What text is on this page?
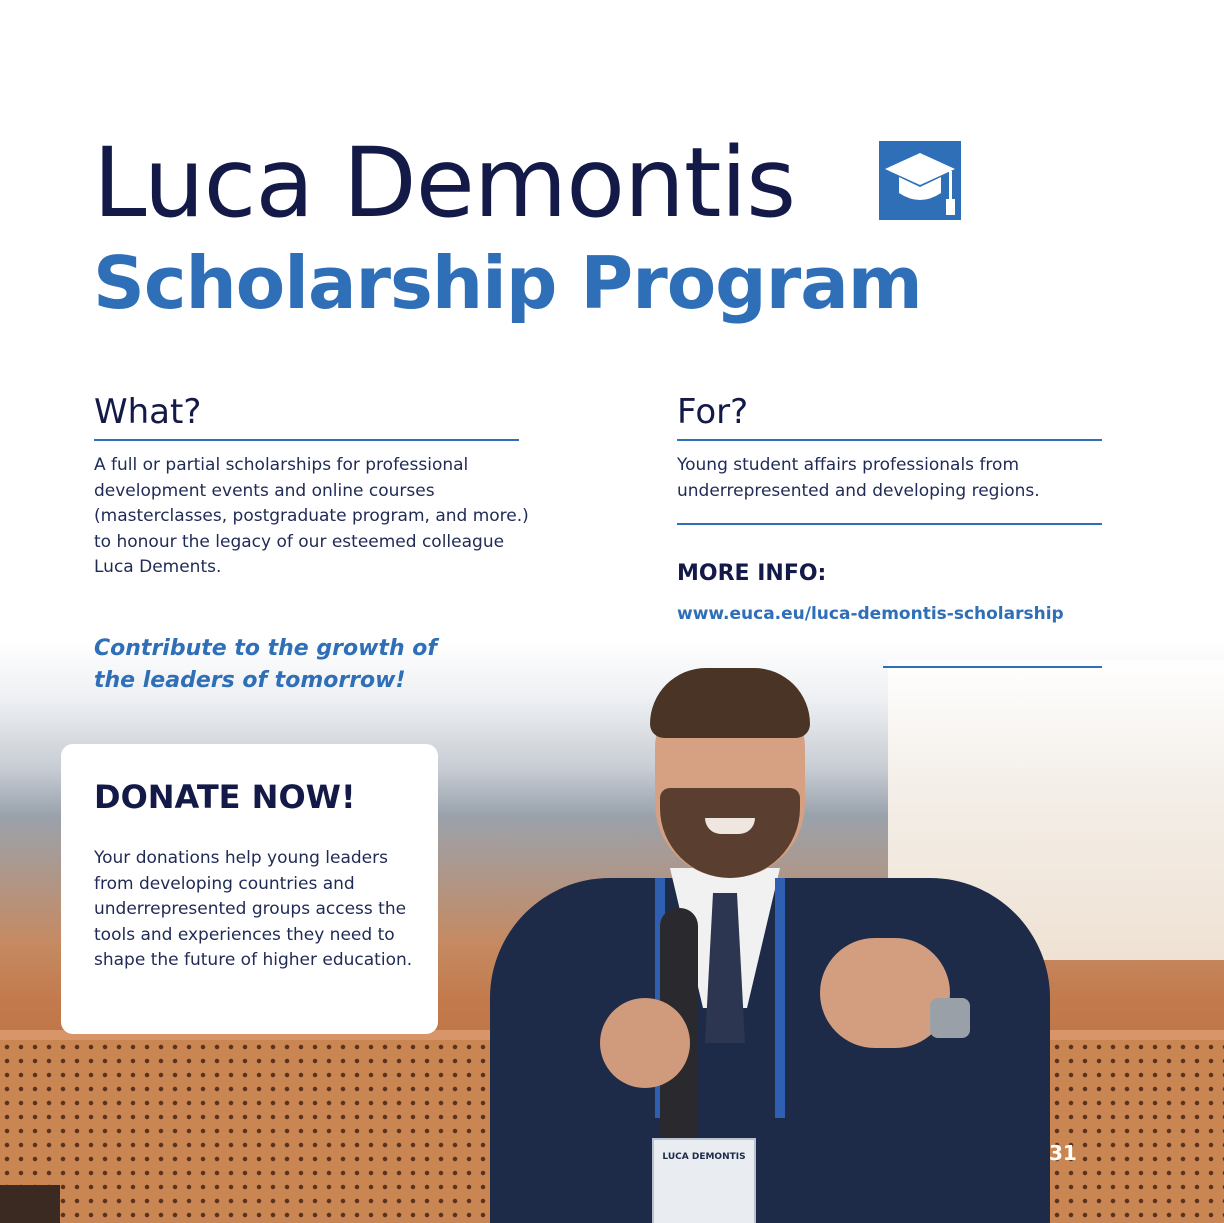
LUCA DEMONTIS
Luca Demontis
Scholarship Program
What?

A full or partial scholarships for professional development events and online courses (masterclasses, postgraduate program, and more.) to honour the legacy of our esteemed colleague Luca Dements.

For?

Young student affairs professionals from underrepresented and developing regions.

MORE INFO:

www.euca.eu/luca-demontis-scholarship

Contribute to the growth of
the leaders of tomorrow!

DONATE NOW!

Your donations help young leaders from developing countries and underrepresented groups access the tools and experiences they need to shape the future of higher education.

31
